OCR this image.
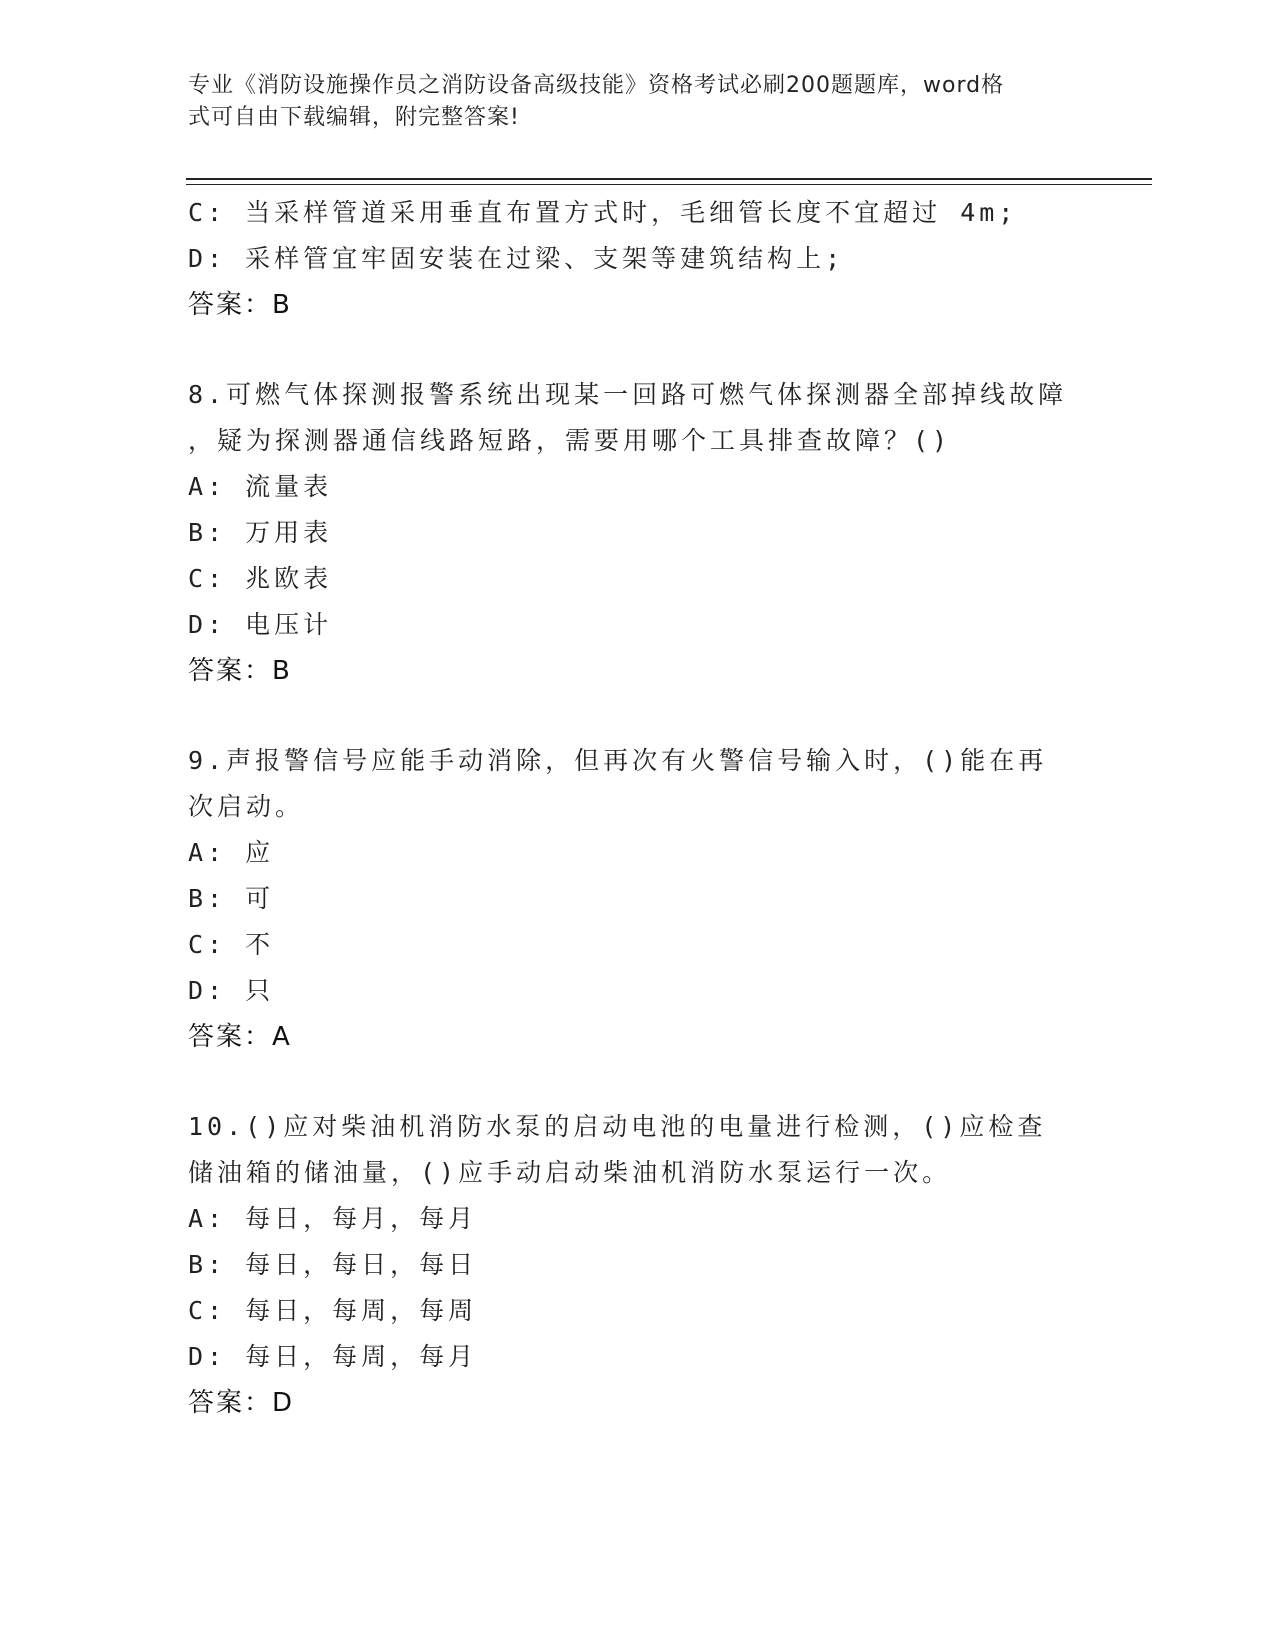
专业《消防设施操作员之消防设备高级技能》资格考试必刷200题题库，word格
式可自由下载编辑，附完整答案!
C: 当采样管道采用垂直布置方式时，毛细管长度不宜超过 4m;
D: 采样管宜牢固安装在过梁、支架等建筑结构上;
答案：B
8.可燃气体探测报警系统出现某一回路可燃气体探测器全部掉线故障
，疑为探测器通信线路短路，需要用哪个工具排查故障？()
A: 流量表
B: 万用表
C: 兆欧表
D: 电压计
答案：B
9.声报警信号应能手动消除，但再次有火警信号输入时，()能在再
次启动。
A: 应
B: 可
C: 不
D: 只
答案：A
10.()应对柴油机消防水泵的启动电池的电量进行检测，()应检查
储油箱的储油量，()应手动启动柴油机消防水泵运行一次。
A: 每日，每月，每月
B: 每日，每日，每日
C: 每日，每周，每周
D: 每日，每周，每月
答案：D
